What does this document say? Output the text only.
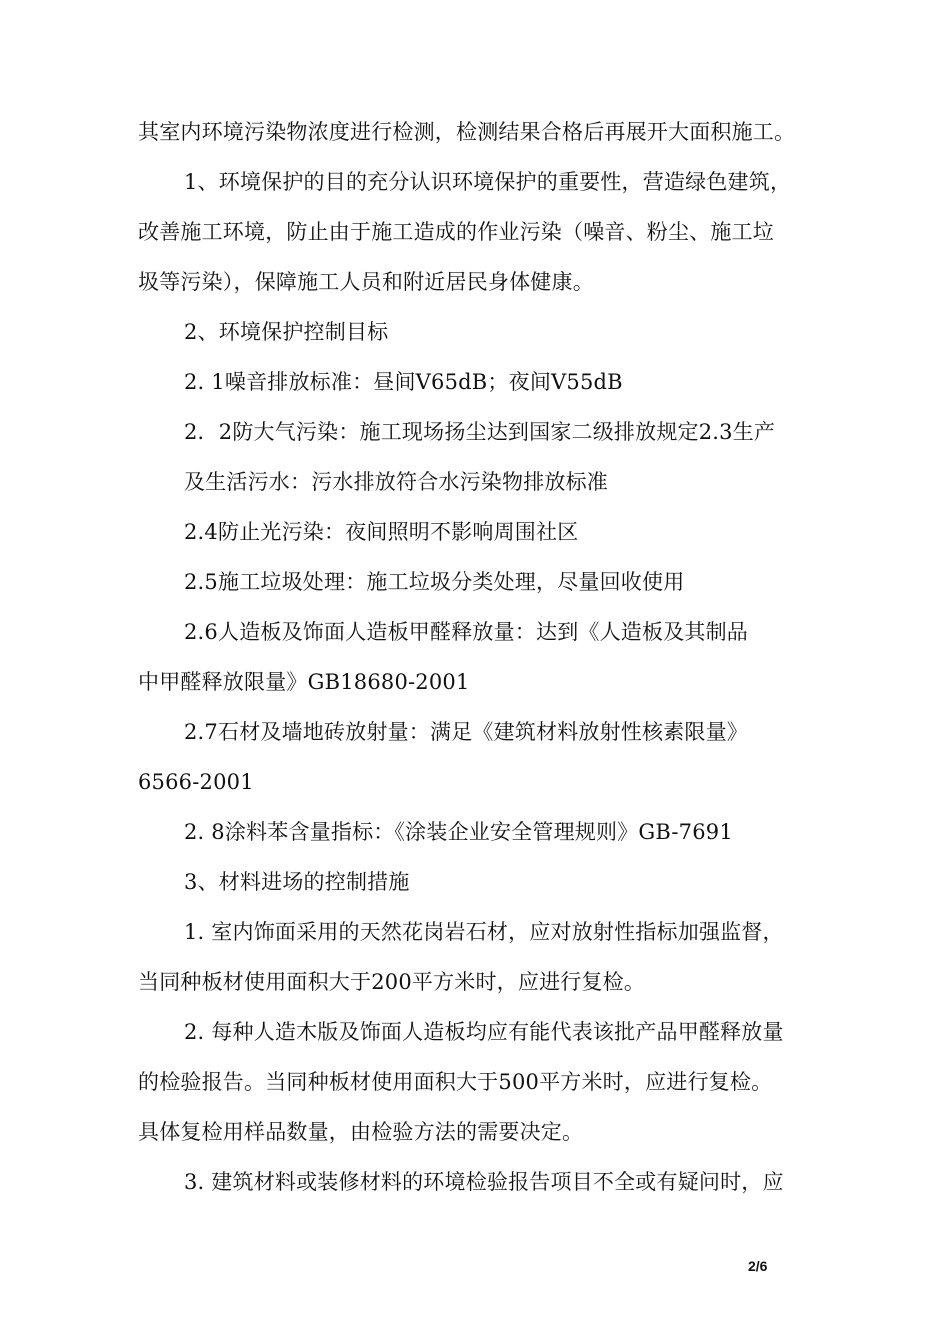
其室内环境污染物浓度进行检测，检测结果合格后再展开大面积施工。
1、环境保护的目的充分认识环境保护的重要性，营造绿色建筑，
改善施工环境，防止由于施工造成的作业污染（噪音、粉尘、施工垃
圾等污染），保障施工人员和附近居民身体健康。
2、环境保护控制目标
2. 1噪音排放标准：昼间V65dB；夜间V55dB
2．2防大气污染：施工现场扬尘达到国家二级排放规定2.3生产
及生活污水：污水排放符合水污染物排放标准
2.4防止光污染：夜间照明不影响周围社区
2.5施工垃圾处理：施工垃圾分类处理，尽量回收使用
2.6人造板及饰面人造板甲醛释放量：达到《人造板及其制品
中甲醛释放限量》GB18680-2001
2.7石材及墙地砖放射量：满足《建筑材料放射性核素限量》
6566-2001
2. 8涂料苯含量指标：《涂装企业安全管理规则》GB-7691
3、材料进场的控制措施
1. 室内饰面采用的天然花岗岩石材，应对放射性指标加强监督，
当同种板材使用面积大于200平方米时，应进行复检。
2. 每种人造木版及饰面人造板均应有能代表该批产品甲醛释放量
的检验报告。当同种板材使用面积大于500平方米时，应进行复检。
具体复检用样品数量，由检验方法的需要决定。
3. 建筑材料或装修材料的环境检验报告项目不全或有疑问时，应
2/6
